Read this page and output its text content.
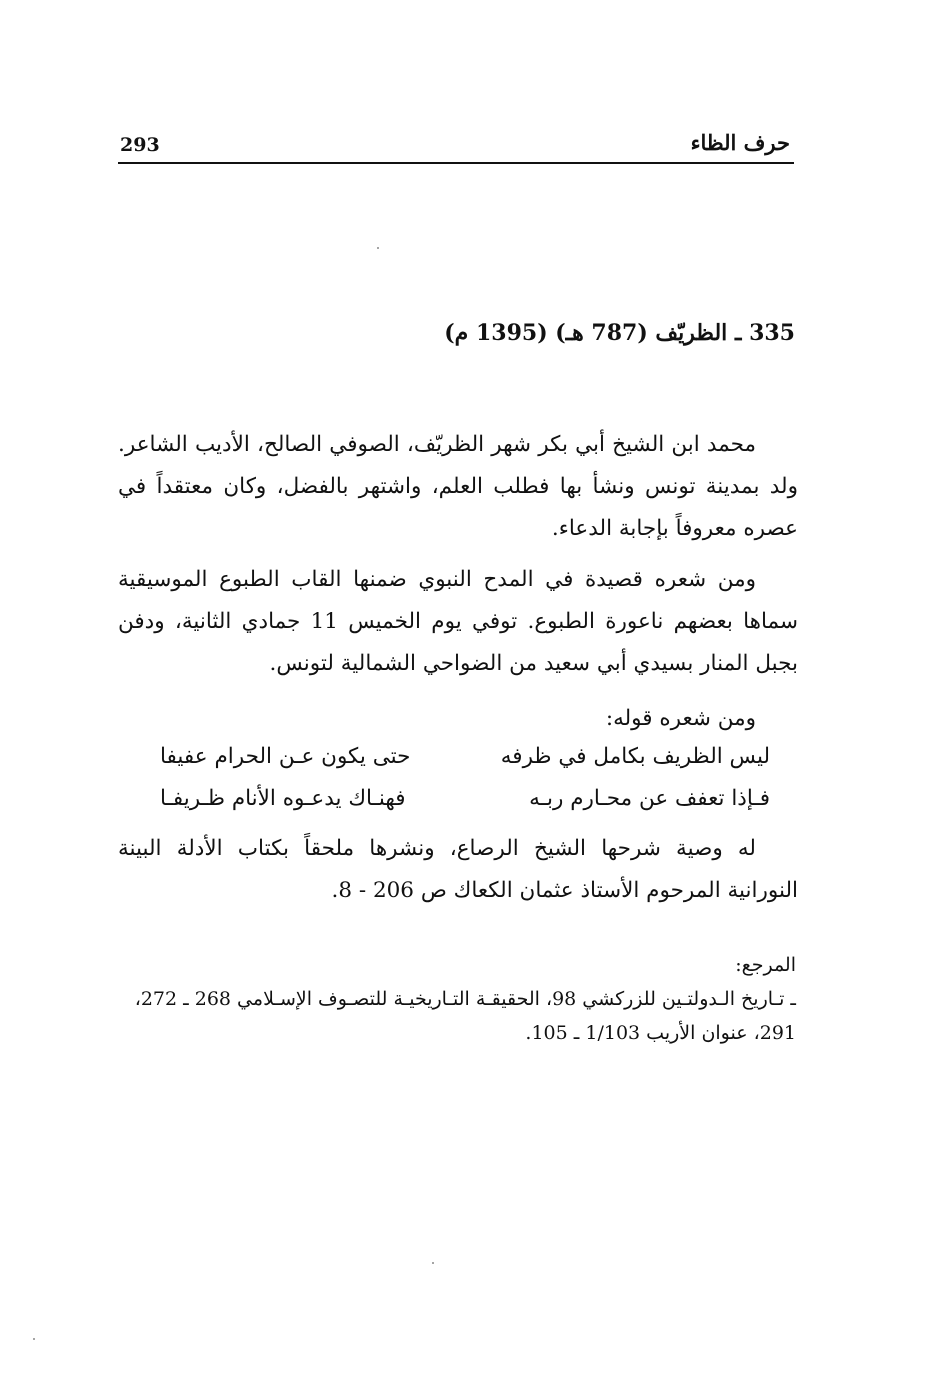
293	حرف الظاء
335 ـ الظريّف (787 هـ) (1395 م)

محمد ابن الشيخ أبي بكر شهر الظريّف، الصوفي الصالح، الأديب الشاعر. ولد بمدينة تونس ونشأ بها فطلب العلم، واشتهر بالفضل، وكان معتقداً في عصره معروفاً بإجابة الدعاء.

ومن شعره قصيدة في المدح النبوي ضمنها القاب الطبوع الموسيقية سماها بعضهم ناعورة الطبوع. توفي يوم الخميس 11 جمادي الثانية، ودفن بجبل المنار بسيدي أبي سعيد من الضواحي الشمالية لتونس.

ومن شعره قوله:

ليس الظريف بكامل في ظرفه
حتى يكون عـن الحرام عفيفا
فـإذا تعفف عن محـارم ربـه
فهنـاك يدعـوه الأنام ظـريفـا

له وصية شرحها الشيخ الرصاع، ونشرها ملحقاً بكتاب الأدلة البينة النورانية المرحوم الأستاذ عثمان الكعاك ص 206 - 8.

المرجع:

ـ تـاريخ الـدولتـين للزركشي 98، الحقيقـة التـاريخيـة للتصـوف الإسـلامي 268 ـ 272،

291، عنوان الأريب 1/103 ـ 105.
